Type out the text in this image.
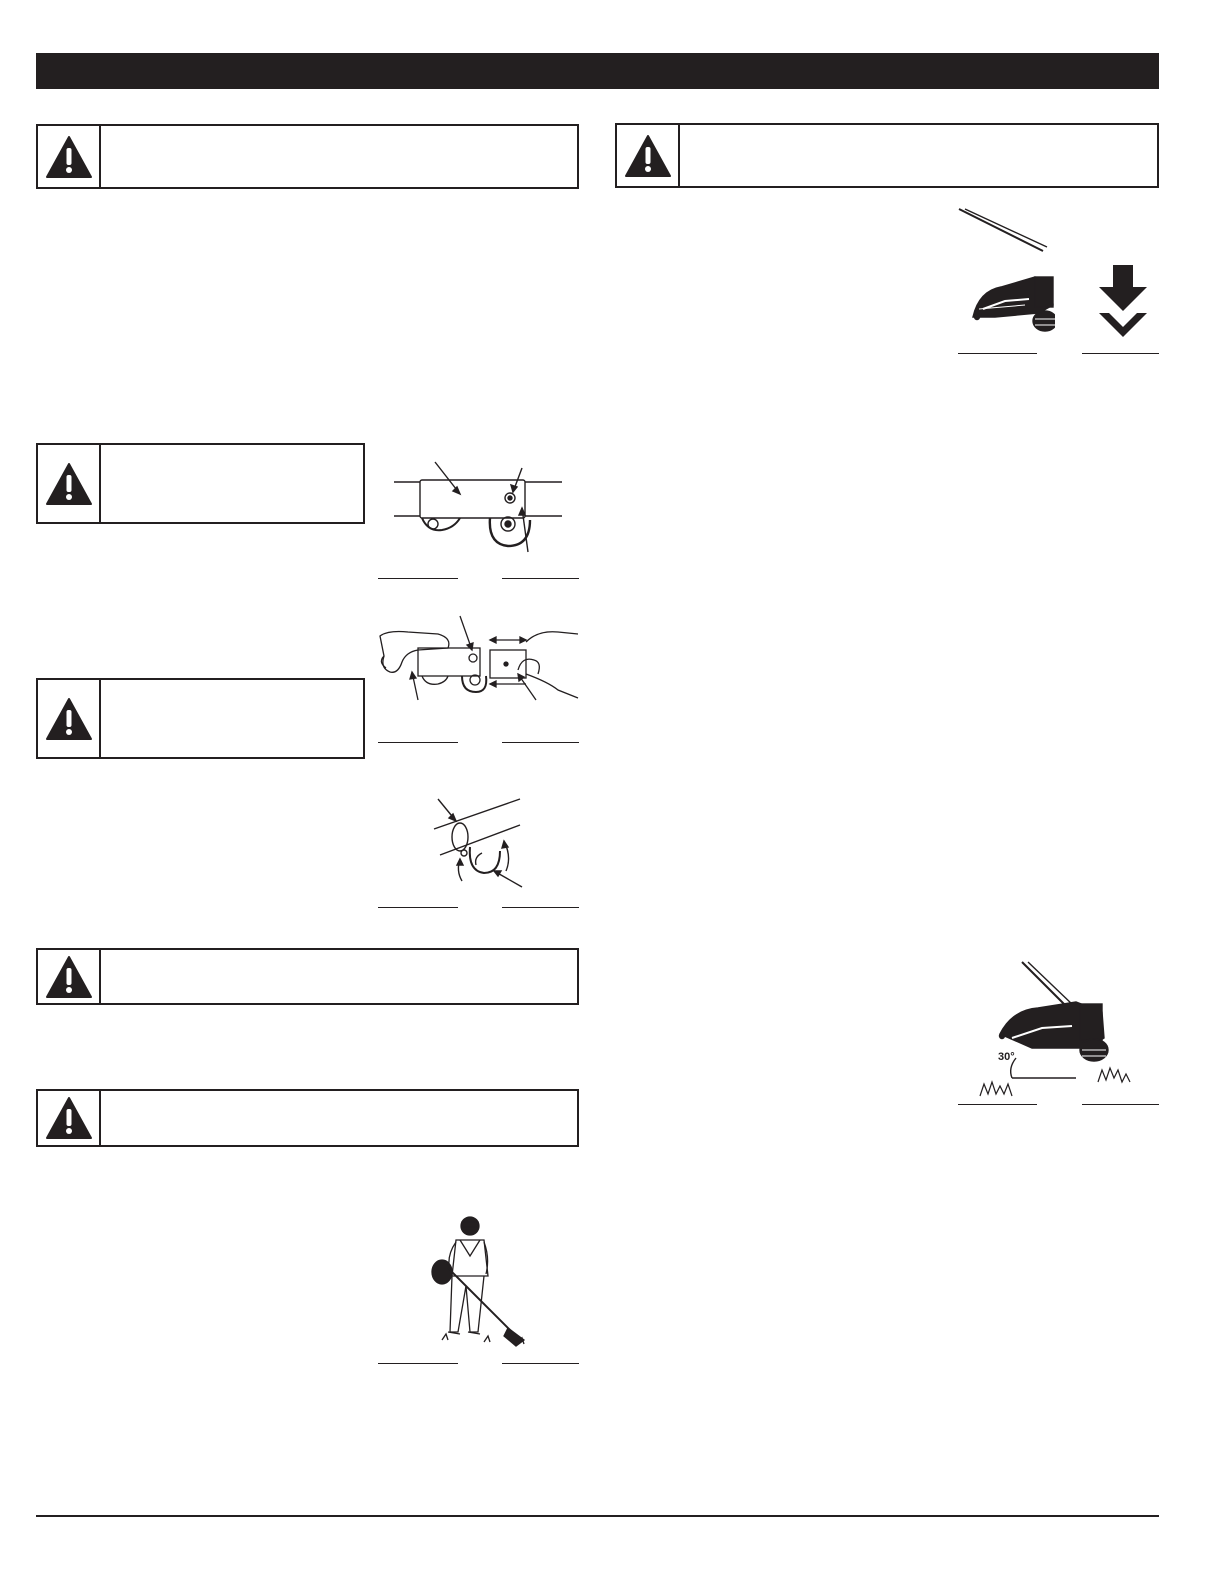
30°
